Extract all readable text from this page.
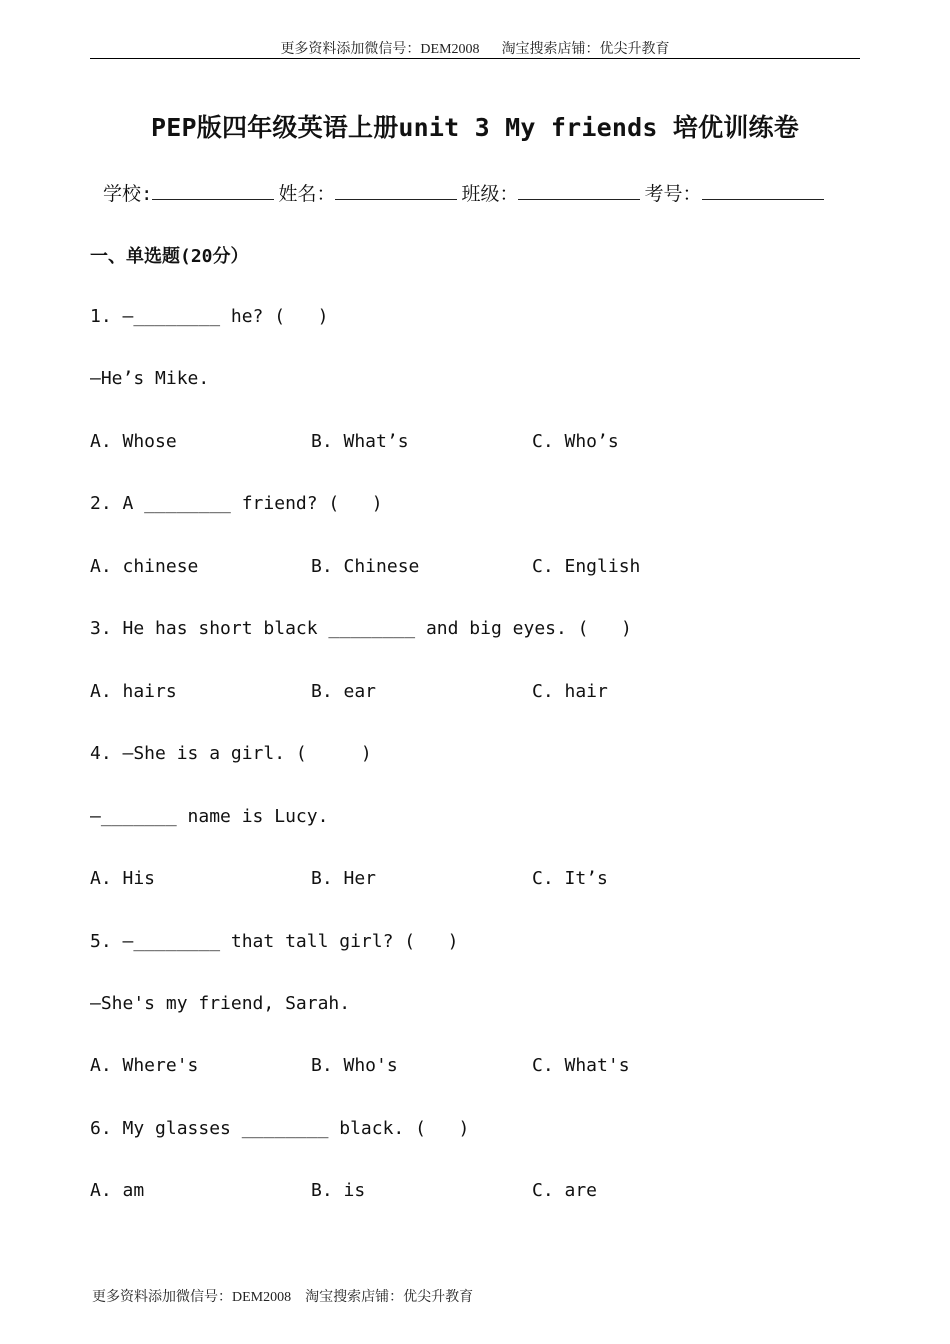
更多资料添加微信号：DEM2008 淘宝搜索店铺：优尖升教育
PEP版四年级英语上册unit 3 My friends 培优训练卷
学校:	姓名：	班级：	考号：
一、单选题(20分）
1. —________ he? (   )
—He’s Mike.
A. Whose	B. What’s	C. Who’s
2. A ________ friend? (   )
A. chinese	B. Chinese	C. English
3. He has short black ________ and big eyes. (   )
A. hairs	B. ear	C. hair
4. —She is a girl. (     )
—_______ name is Lucy.
A. His	B. Her	C. It’s
5. —________ that tall girl? (   )
—She's my friend, Sarah.
A. Where's	B. Who's	C. What's
6. My glasses ________ black. (   )
A. am	B. is	C. are
更多资料添加微信号：DEM2008 淘宝搜索店铺：优尖升教育
